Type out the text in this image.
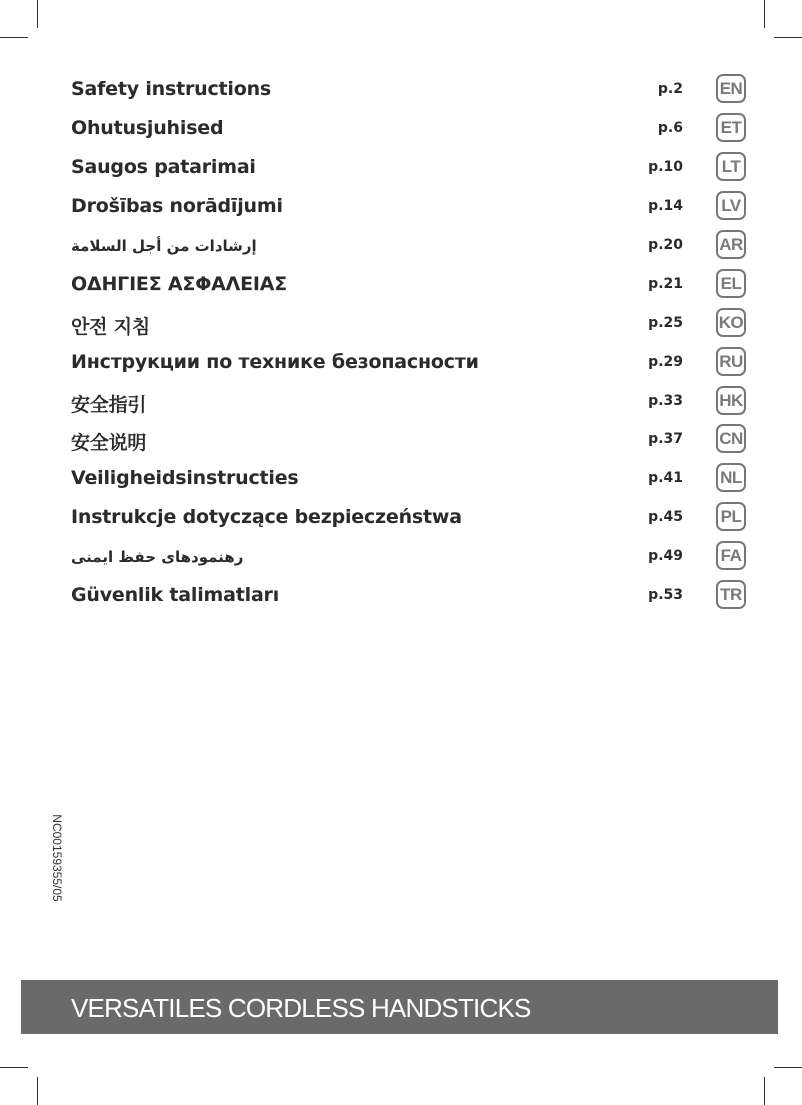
Safety instructions	p.2 EN
Ohutusjuhised	p.6 ET
Saugos patarimai	p.10	LT
Drošības norādījumi	p.14	LV
إرشادات من أجل السلامة	p.20 AR
ΟΔΗΓΙΕΣ ΑΣΦΑΛΕΙΑΣ	p.21 EL
안전 지침	p.25 KO
Инструкции по технике безопасности	p.29 RU
安全指引	p.33 HK
安全说明	p.37 CN
Veiligheidsinstructies	p.41 NL
Instrukcje dotyczące bezpieczeństwa	p.45 PL
رهنمودهای حفظ ایمنی	p.49 FA
Güvenlik talimatları	p.53 TR
NC00159355/05
VERSATILES CORDLESS HANDSTICKS
